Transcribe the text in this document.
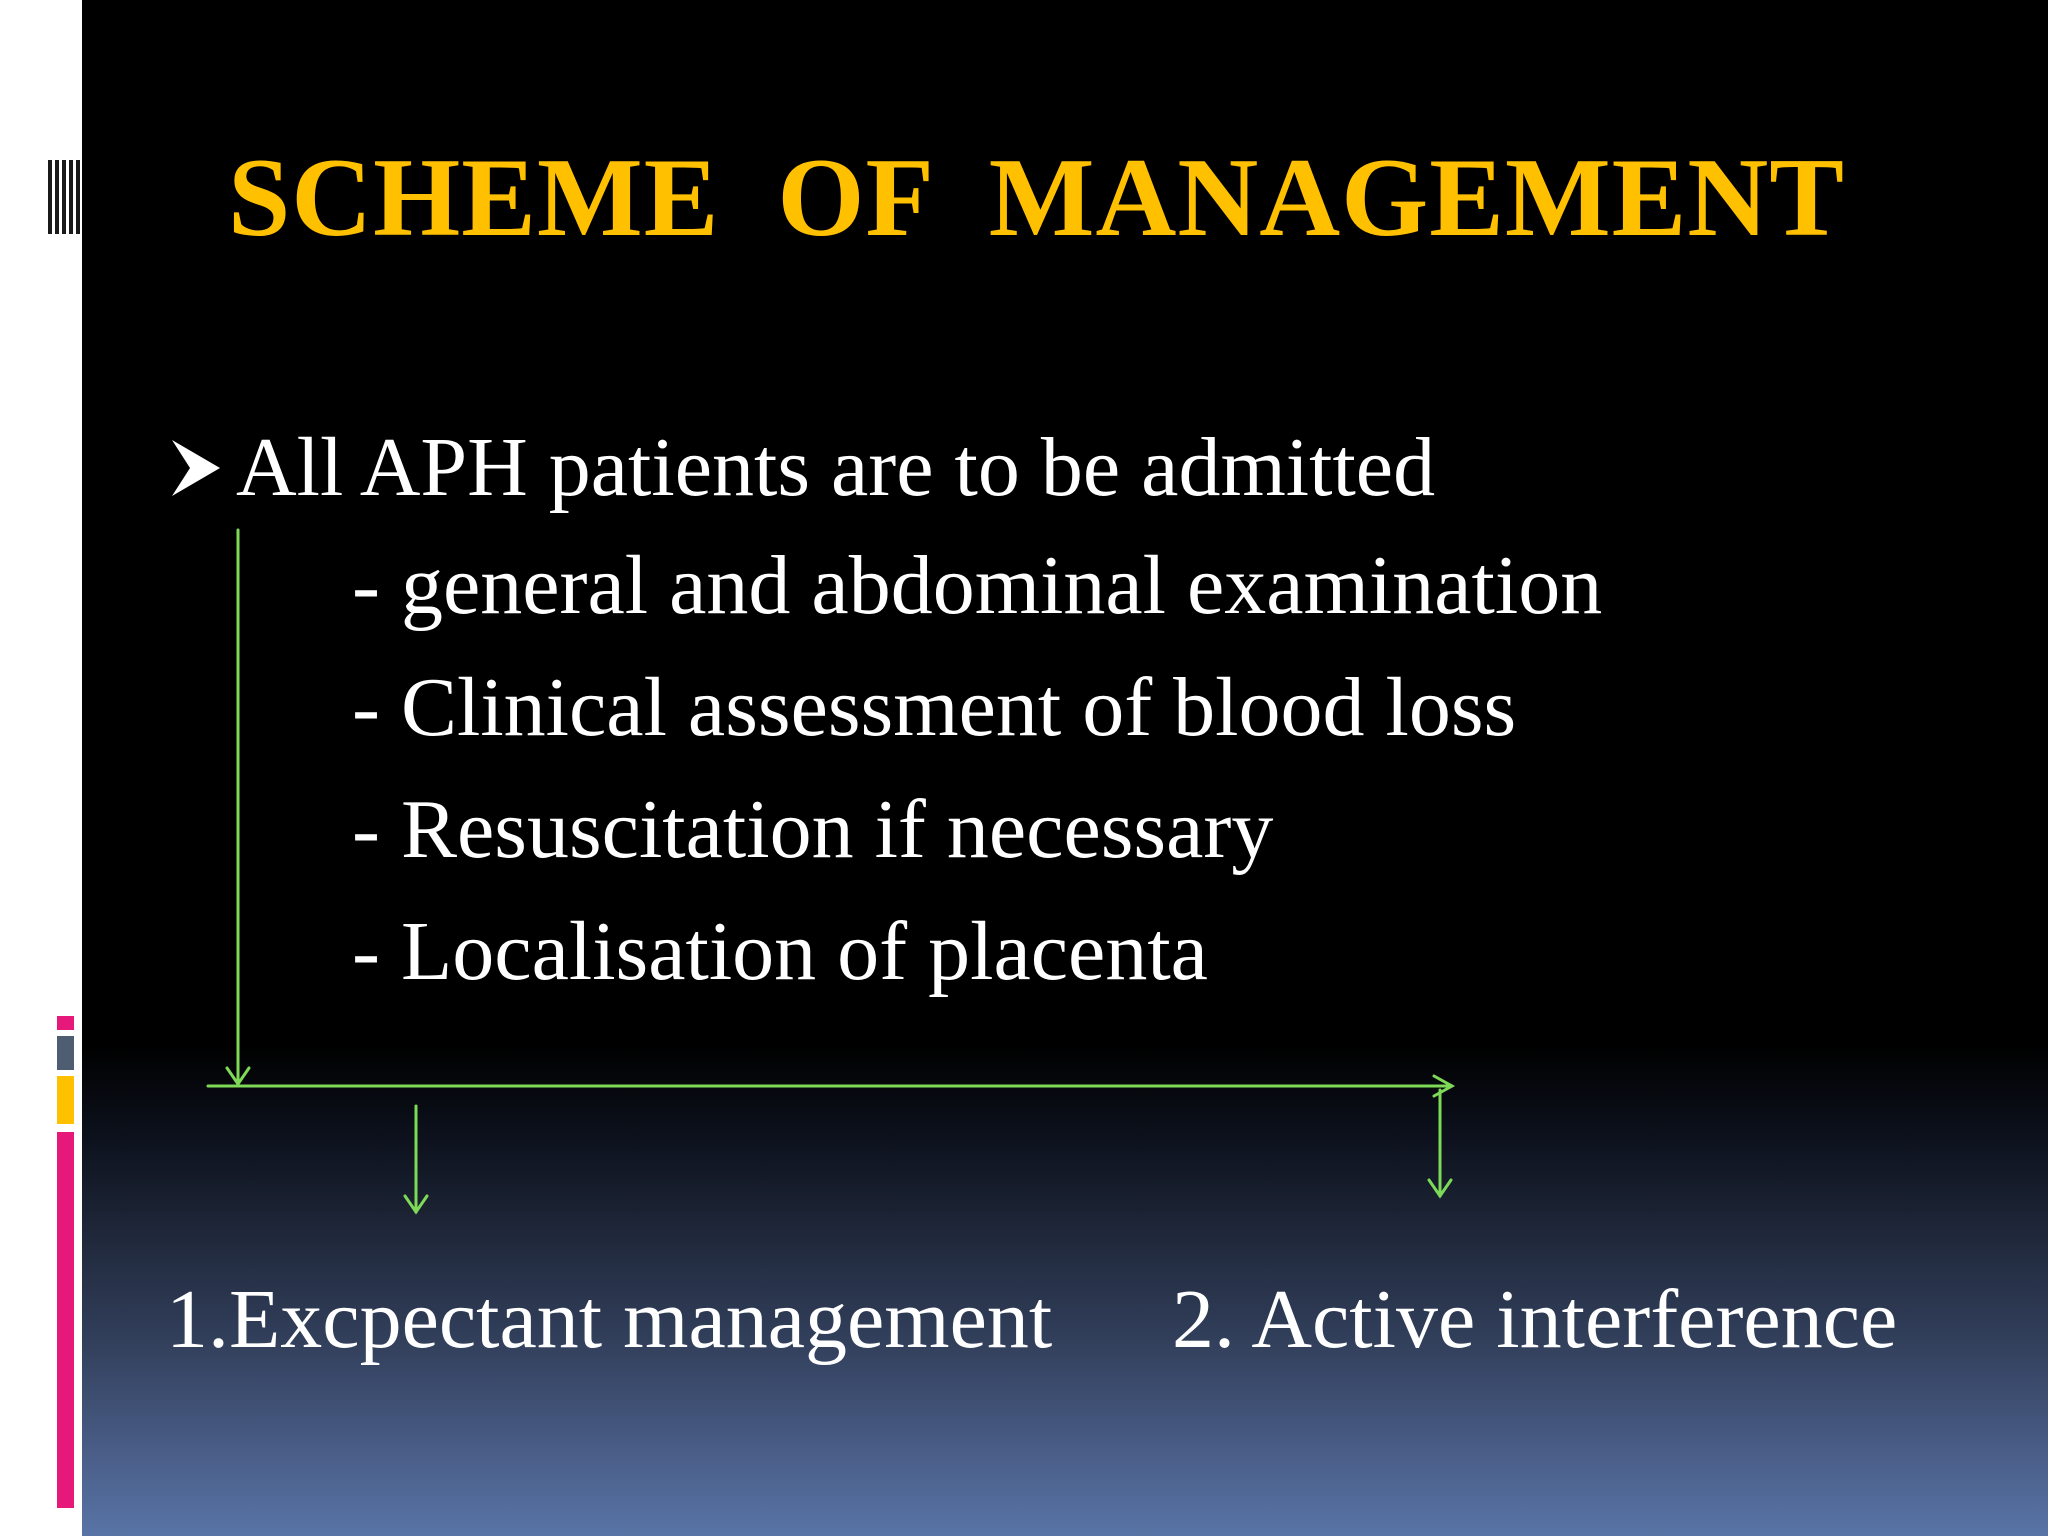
SCHEME  OF  MANAGEMENT
All APH patients are to be admitted
- general and abdominal examination
- Clinical assessment of blood loss
- Resuscitation if necessary
- Localisation of placenta
1.Excpectant management 2. Active interference
